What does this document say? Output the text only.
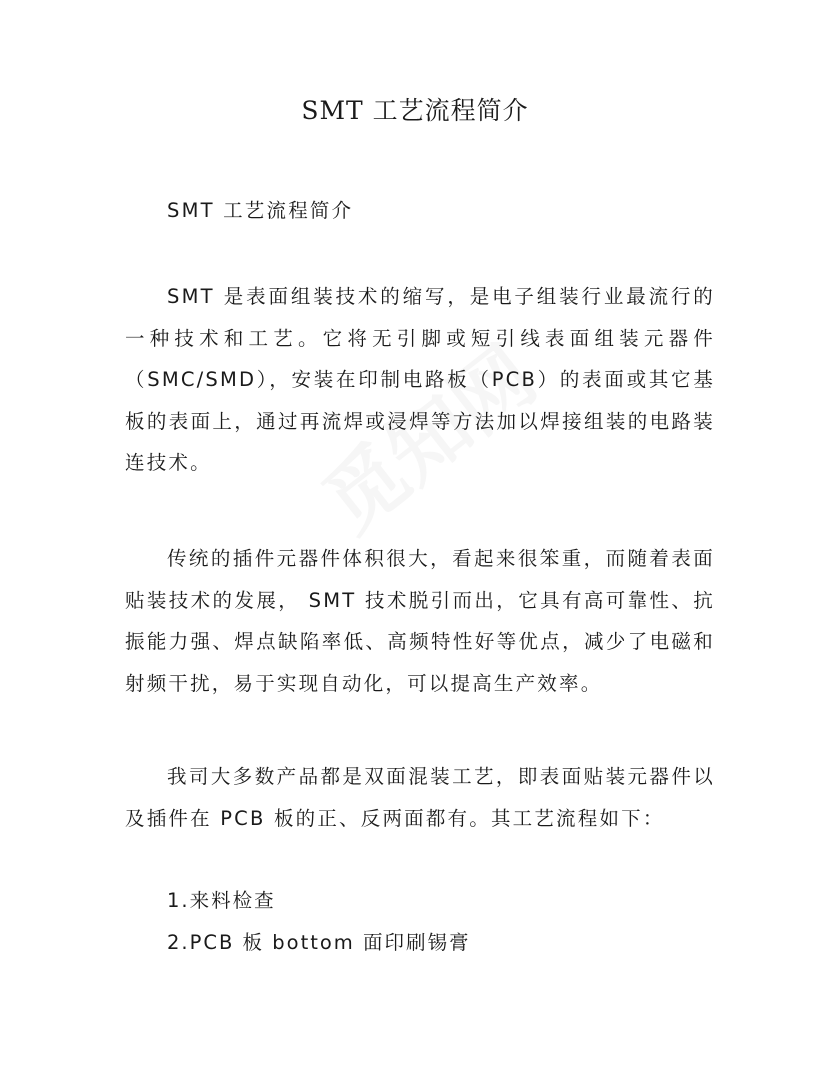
SMT 工艺流程简介
SMT 工艺流程简介
SMT 是表面组装技术的缩写，是电子组装行业最流行的一种技术和工艺。它将无引脚或短引线表面组装元器件（SMC/SMD），安装在印制电路板（PCB）的表面或其它基板的表面上，通过再流焊或浸焊等方法加以焊接组装的电路装连技术。
传统的插件元器件体积很大，看起来很笨重，而随着表面贴装技术的发展， SMT 技术脱引而出，它具有高可靠性、抗振能力强、焊点缺陷率低、高频特性好等优点，减少了电磁和射频干扰，易于实现自动化，可以提高生产效率。
我司大多数产品都是双面混装工艺，即表面贴装元器件以及插件在 PCB 板的正、反两面都有。其工艺流程如下：
1.来料检查
2.PCB 板 bottom 面印刷锡膏
